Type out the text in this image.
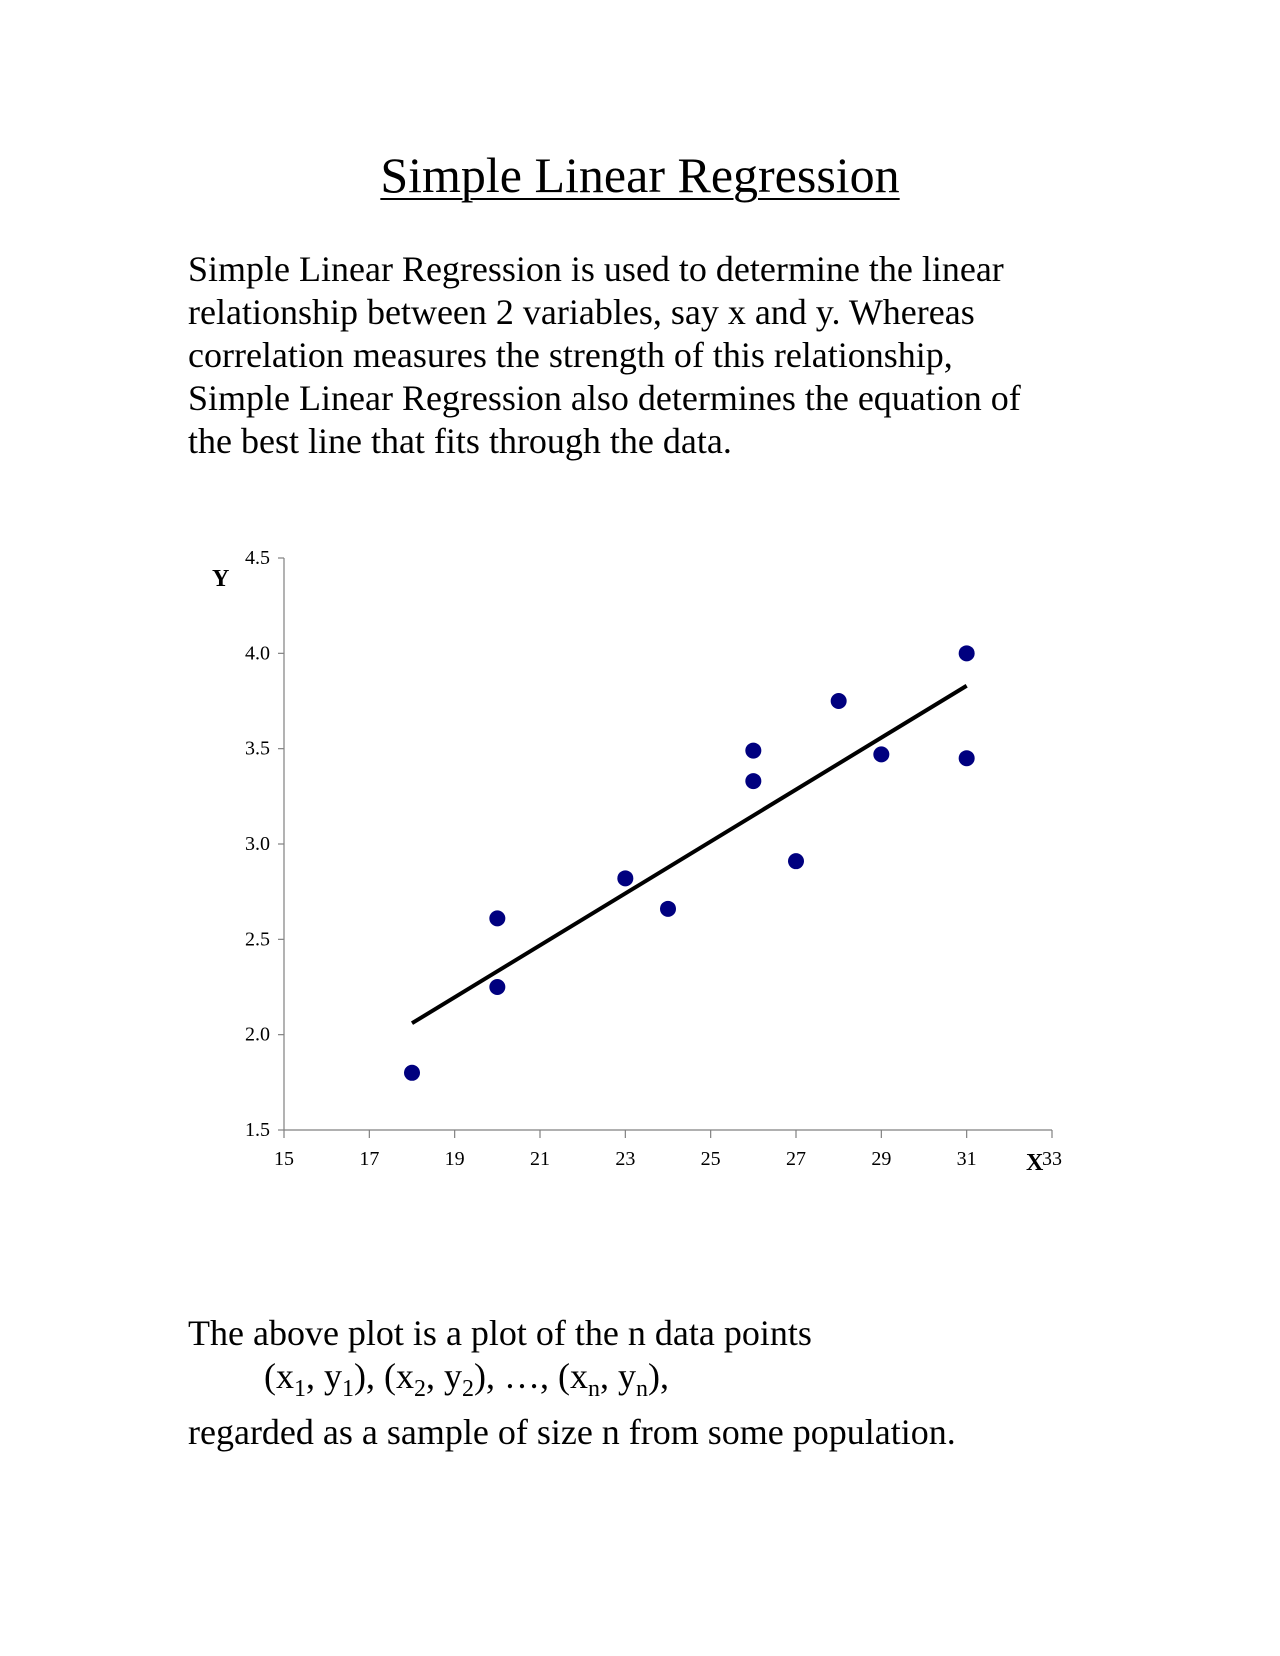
Simple Linear Regression

Simple Linear Regression is used to determine the linear
relationship between 2 variables, say x and y. Whereas
correlation measures the strength of this relationship,
Simple Linear Regression also determines the equation of
the best line that fits through the data.

1.5
2.0
2.5
3.0
3.5
4.0
4.5
15	17	19	21	23	25	27	29	31	33
Y
X

The above plot is a plot of the n data points
($x_1$, $y_1$), ($x_2$, $y_2$), …, ($x_n$, $y_n$),
regarded as a sample of size n from some population.
